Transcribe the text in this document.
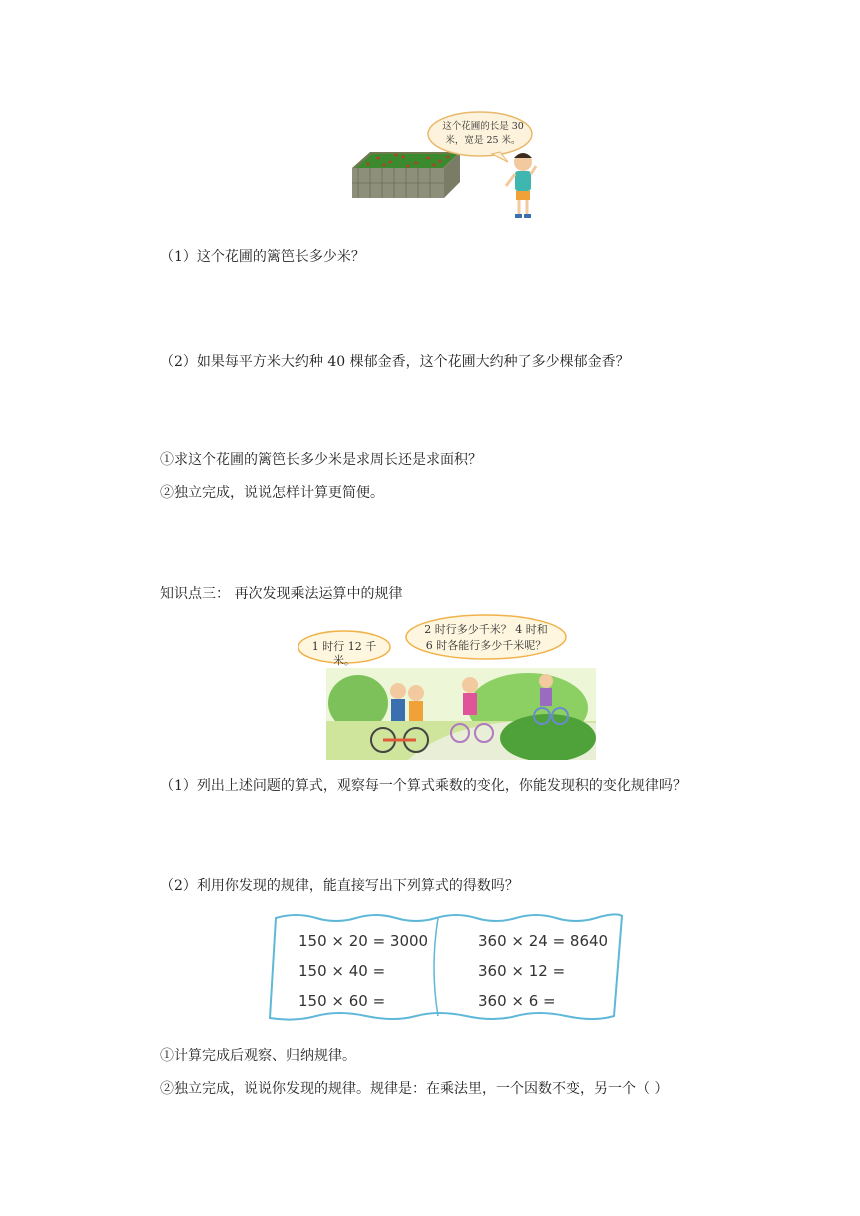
这个花圃的长是 30
米，宽是 25 米。
（1）这个花圃的篱笆长多少米？
（2）如果每平方米大约种 40 棵郁金香，这个花圃大约种了多少棵郁金香？
①求这个花圃的篱笆长多少米是求周长还是求面积？
②独立完成，说说怎样计算更简便。
知识点三： 再次发现乘法运算中的规律
1 时行 12 千米。
2 时行多少千米？ 4 时和
6 时各能行多少千米呢？
（1）列出上述问题的算式，观察每一个算式乘数的变化，你能发现积的变化规律吗？
（2）利用你发现的规律，能直接写出下列算式的得数吗？
150 × 20 = 3000
150 × 40 =
150 × 60 =
360 × 24 = 8640
360 × 12 =
360 × 6 =
①计算完成后观察、归纳规律。
②独立完成，说说你发现的规律。规律是：在乘法里，一个因数不变，另一个（ ）
